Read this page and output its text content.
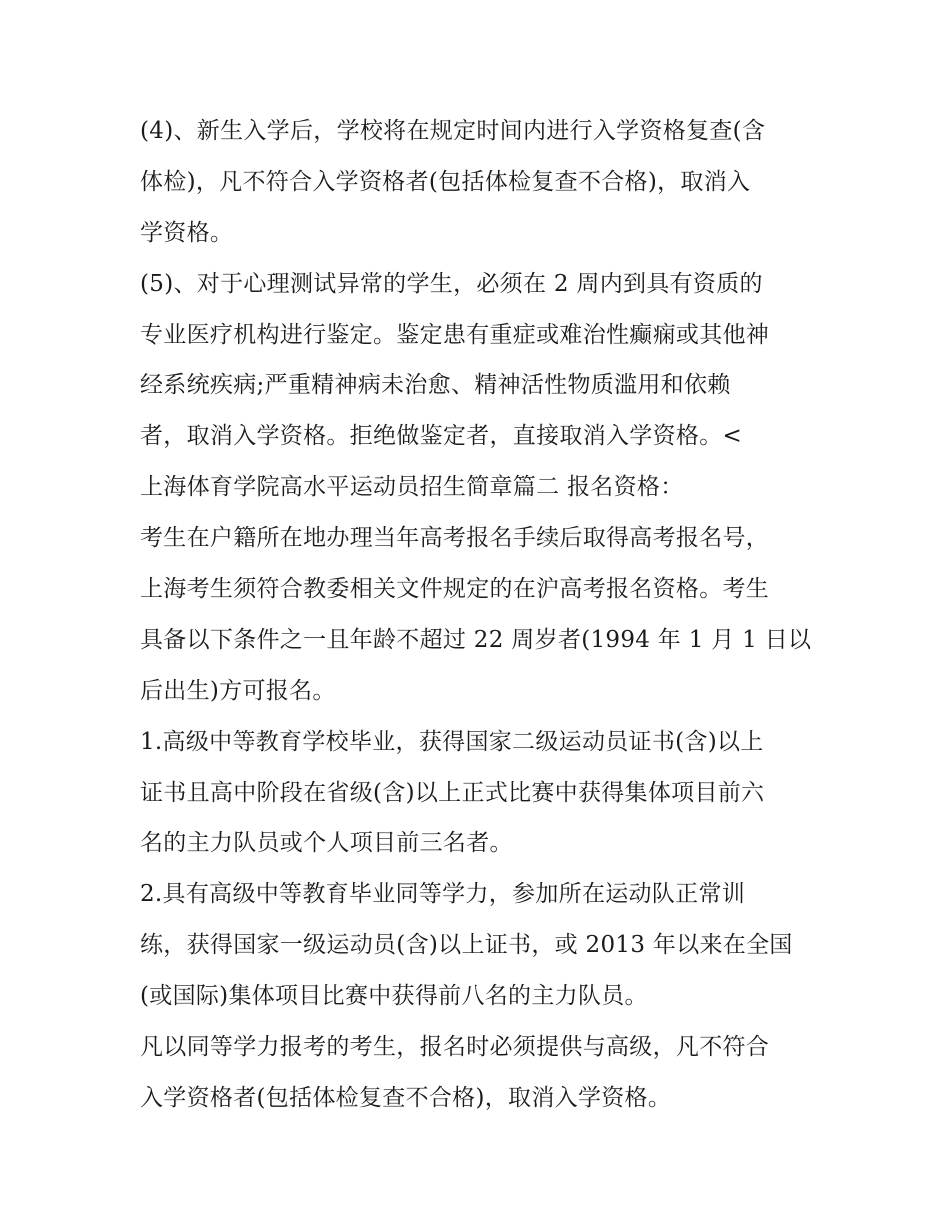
(4)、新生入学后，学校将在规定时间内进行入学资格复查(含
体检)，凡不符合入学资格者(包括体检复查不合格)，取消入
学资格。
(5)、对于心理测试异常的学生，必须在 2 周内到具有资质的
专业医疗机构进行鉴定。鉴定患有重症或难治性癫痫或其他神
经系统疾病;严重精神病未治愈、精神活性物质滥用和依赖
者，取消入学资格。拒绝做鉴定者，直接取消入学资格。<
上海体育学院高水平运动员招生简章篇二 报名资格：
考生在户籍所在地办理当年高考报名手续后取得高考报名号，
上海考生须符合教委相关文件规定的在沪高考报名资格。考生
具备以下条件之一且年龄不超过 22 周岁者(1994 年 1 月 1 日以
后出生)方可报名。
1.高级中等教育学校毕业，获得国家二级运动员证书(含)以上
证书且高中阶段在省级(含)以上正式比赛中获得集体项目前六
名的主力队员或个人项目前三名者。
2.具有高级中等教育毕业同等学力，参加所在运动队正常训
练，获得国家一级运动员(含)以上证书，或 2013 年以来在全国
(或国际)集体项目比赛中获得前八名的主力队员。
凡以同等学力报考的考生，报名时必须提供与高级，凡不符合
入学资格者(包括体检复查不合格)，取消入学资格。
